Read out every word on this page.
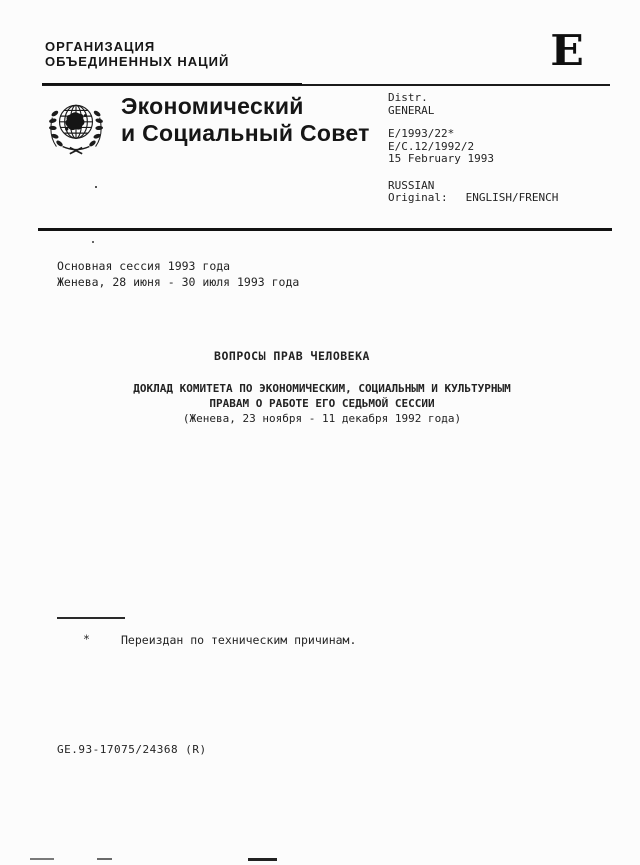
ОРГАНИЗАЦИЯ
ОБЪЕДИНЕННЫХ НАЦИЙ	E
Экономический
и Социальный Совет
Distr.
GENERAL
E/1993/22*
E/C.12/1992/2
15 February 1993
RUSSIAN
Original: ENGLISH/FRENCH
Основная сессия 1993 года
Женева, 28 июня - 30 июля 1993 года
ВОПРОСЫ ПРАВ ЧЕЛОВЕКА
ДОКЛАД КОМИТЕТА ПО ЭКОНОМИЧЕСКИМ, СОЦИАЛЬНЫМ И КУЛЬТУРНЫМ
ПРАВАМ О РАБОТЕ ЕГО СЕДЬМОЙ СЕССИИ
(Женева, 23 ноября - 11 декабря 1992 года)
*	Переиздан по техническим причинам.
GE.93-17075/24368 (R)
